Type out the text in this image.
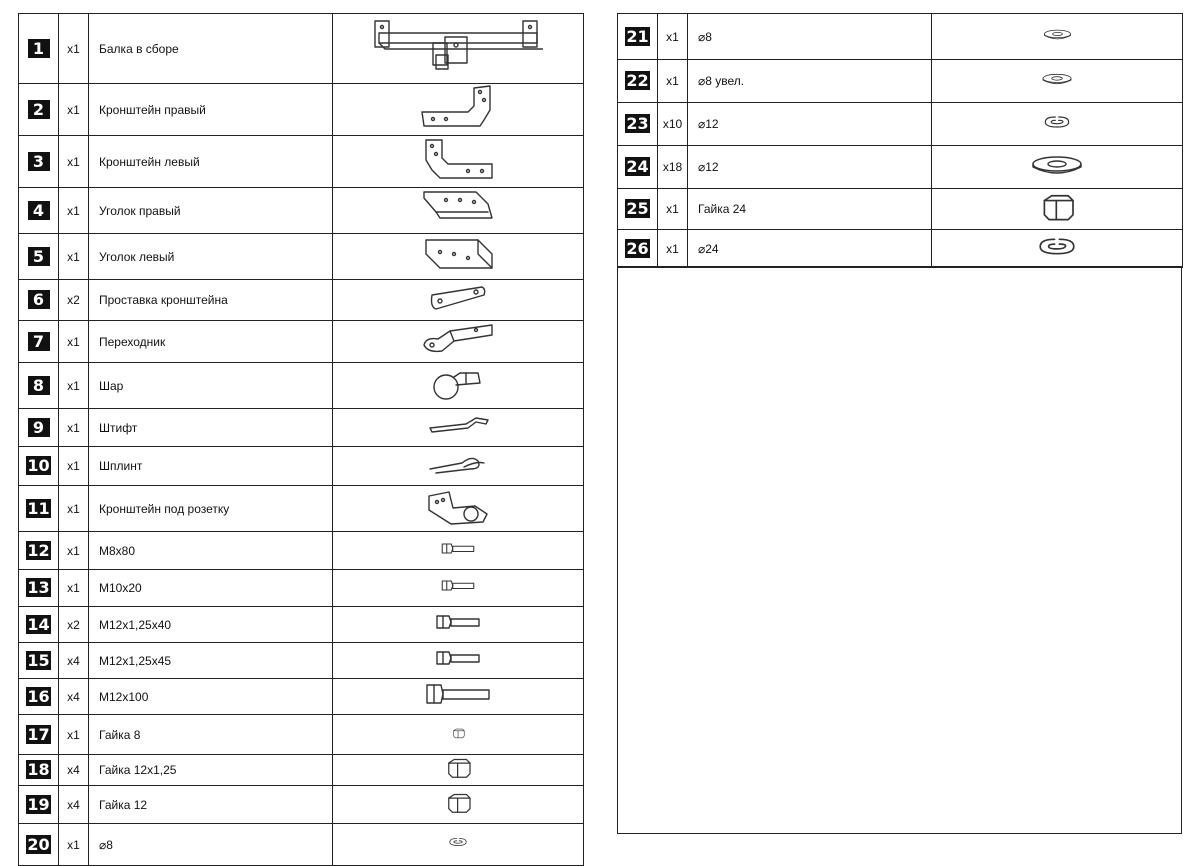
1	x1	Балка в сборе	

2	x1	Кронштейн правый	

3	x1	Кронштейн левый	

4	x1	Уголок правый	

5	x1	Уголок левый	

6	x2	Проставка кронштейна	

7	x1	Переходник	

8	x1	Шар	

9	x1	Штифт	

10	x1	Шплинт	

11	x1	Кронштейн под розетку	

12	x1	М8х80	

13	x1	М10х20	

14	x2	М12х1,25х40	

15	x4	М12х1,25х45	

16	x4	М12х100	

17	x1	Гайка 8	

18	x4	Гайка 12х1,25	

19	x4	Гайка 12	

20	x1	⌀8	
21	x1	⌀8	

22	x1	⌀8 увел.	

23	x10	⌀12	

24	x18	⌀12	

25	x1	Гайка 24	

26	x1	⌀24	
